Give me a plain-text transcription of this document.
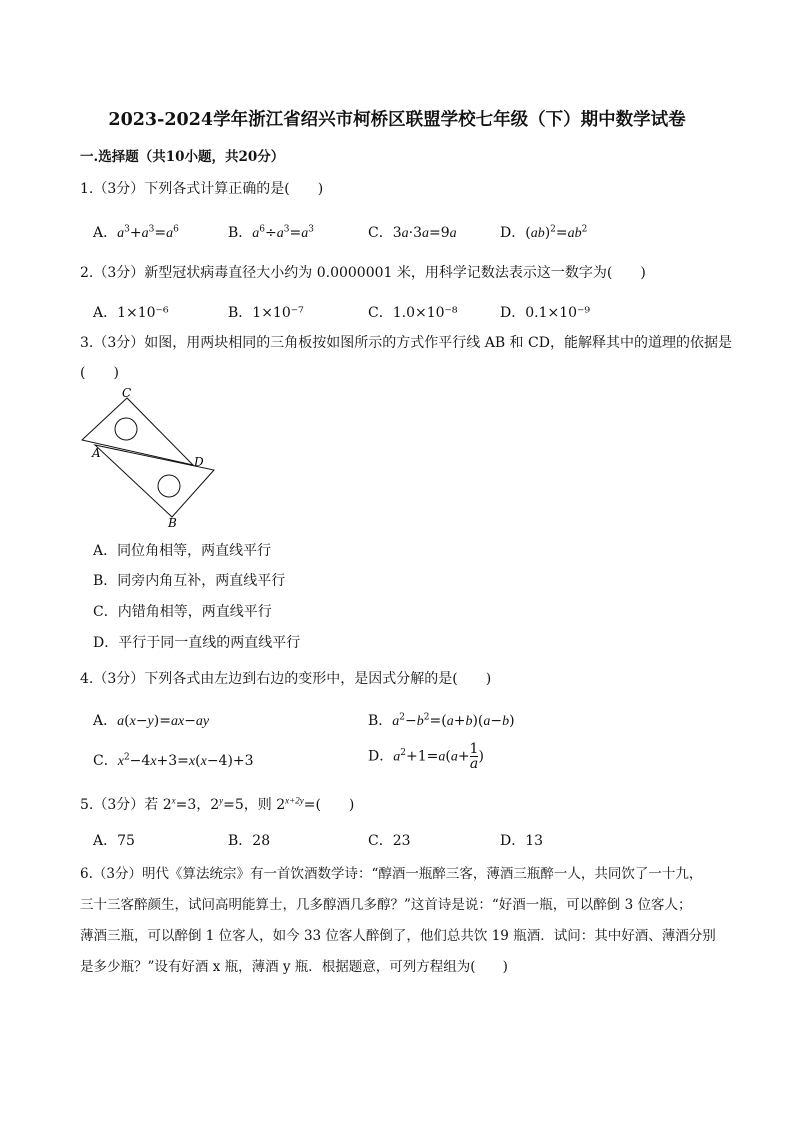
2023-2024学年浙江省绍兴市柯桥区联盟学校七年级（下）期中数学试卷
一.选择题（共10小题，共20分）
1.（3分）下列各式计算正确的是(　　)
A．$a^3+a^3=a^6$	B．$a^6\div a^3=a^3$	C．3a·3a=9a	D．$(ab)^2=ab^2$
2.（3分）新型冠状病毒直径大小约为 0.0000001 米，用科学记数法表示这一数字为(　　)
A．1×10⁻⁶	B．1×10⁻⁷	C．1.0×10⁻⁸	D．0.1×10⁻⁹
3.（3分）如图，用两块相同的三角板按如图所示的方式作平行线 AB 和 CD，能解释其中的道理的依据是
(　　)
C
A
D
B
A．同位角相等，两直线平行
B．同旁内角互补，两直线平行
C．内错角相等，两直线平行
D．平行于同一直线的两直线平行
4.（3分）下列各式由左边到右边的变形中，是因式分解的是(　　)
A．a(x−y)=ax−ay	B．$a^2-b^2=(a+b)(a-b)$
C．$x^2-4x+3=x(x-4)+3$	D．$a^2+1=a(a+ \frac{1}{a}$ )
5.（3分）若 $2^x=3$，$2^y=5$，则 $2^{x+2y}=$(　　)
A．75	B．28	C．23	D．13
6.（3分）明代《算法统宗》有一首饮酒数学诗：“醇酒一瓶醉三客，薄酒三瓶醉一人，共同饮了一十九，
三十三客醉颜生，试问高明能算士，几多醇酒几多醇？”这首诗是说：“好酒一瓶，可以醉倒 3 位客人；
薄酒三瓶，可以醉倒 1 位客人，如今 33 位客人醉倒了，他们总共饮 19 瓶酒．试问：其中好酒、薄酒分别
是多少瓶？”设有好酒 x 瓶，薄酒 y 瓶．根据题意，可列方程组为(　　)
